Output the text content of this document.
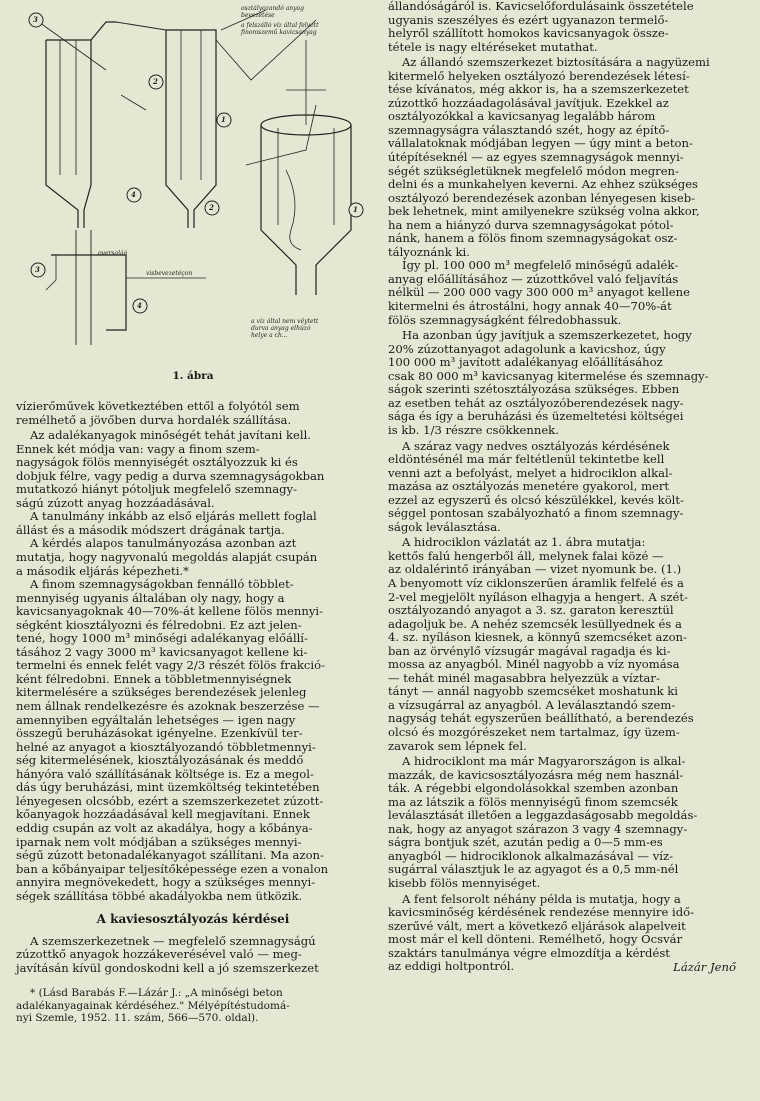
3
2
4
1
2
3
4
1
osztályozandó anyag
bevezetése
a felszálló víz által felvett
finomszemű kavicsanyag
oversaláó
visbevezetéçon
a víz által nem vêytett
durva anyag elhúzó
helye a ch...
1. ábra

vízierőművek következtében ettől a folyótól sem
remélhető a jövőben durva hordalék szállítása.

Az adalékanyagok minőségét tehát javítani kell.
Ennek két módja van: vagy a finom szem-
nagyságok fölös mennyiségét osztályozzuk ki és
dobjuk félre, vagy pedig a durva szemnagyságokban
mutatkozó hiányt pótoljuk megfelelő szemnagy-
ságú zúzott anyag hozzáadásával.

A tanulmány inkább az első eljárás mellett foglal
állást és a második módszert drágának tartja.

A kérdés alapos tanulmányozása azonban azt
mutatja, hogy nagyvonalú megoldás alapját csupán
a második eljárás képezheti.*

A finom szemnagyságokban fennálló többlet-
mennyiség ugyanis általában oly nagy, hogy a
kavicsanyagoknak 40—70%-át kellene fölös mennyi-
ségként kiosztályozni és félredobni. Ez azt jelen-
tené, hogy 1000 m³ minőségi adalékanyag előállí-
tásához 2 vagy 3000 m³ kavicsanyagot kellene ki-
termelni és ennek felét vagy 2/3 részét fölös frakció-
ként félredobni. Ennek a többletmennyiségnek
kitermelésére a szükséges berendezések jelenleg
nem állnak rendelkezésre és azoknak beszerzése —
amennyiben egyáltalán lehetséges — igen nagy
összegű beruházásokat igényelne. Ezenkívül ter-
helné az anyagot a kiosztályozandó többletmennyi-
ség kitermelésének, kiosztályozásának és meddő
hányóra való szállításának költsége is. Ez a megol-
dás úgy beruházási, mint üzemköltség tekintetében
lényegesen olcsóbb, ezért a szemszerkezetet zúzott-
kőanyagok hozzáadásával kell megjavítani. Ennek
eddig csupán az volt az akadálya, hogy a kőbánya-
iparnak nem volt módjában a szükséges mennyi-
ségű zúzott betonadalékanyagot szállítani. Ma azon-
ban a kőbányaipar teljesítőképessége ezen a vonalon
annyira megnövekedett, hogy a szükséges mennyi-
ségek szállítása többé akadályokba nem ütközik.

A kaviesosztályozás kérdései

A szemszerkezetnek — megfelelő szemnagyságú
zúzottkő anyagok hozzákeverésével való — meg-
javításán kívül gondoskodni kell a jó szemszerkezet

* (Lásd Barabás F.—Lázár J.: „A minőségi beton
adalékanyagainak kérdéséhez." Mélyépítéstudomá-
nyi Szemle, 1952. 11. szám, 566—570. oldal).

állandóságáról is. Kavicselőfordulásaink összetétele
ugyanis szeszélyes és ezért ugyanazon termelő-
helyről szállított homokos kavicsanyagok össze-
tétele is nagy eltéréseket mutathat.

Az állandó szemszerkezet biztosítására a nagyüzemi
kitermelő helyeken osztályozó berendezések létesí-
tése kívánatos, még akkor is, ha a szemszerkezetet
zúzottkő hozzáadagolásával javítjuk. Ezekkel az
osztályozókkal a kavicsanyag legalább három
szemnagyságra választandó szét, hogy az építő-
vállalatoknak módjában legyen — úgy mint a beton-
útépítéseknél — az egyes szemnagyságok mennyi-
ségét szükségletüknek megfelelő módon megren-
delni és a munkahelyen keverni. Az ehhez szükséges
osztályozó berendezések azonban lényegesen kiseb-
bek lehetnek, mint amilyenekre szükség volna akkor,
ha nem a hiányzó durva szemnagyságokat pótol-
nánk, hanem a fölös finom szemnagyságokat osz-
tályoznánk ki.

Így pl. 100 000 m³ megfelelő minőségű adalék-
anyag előállításához — zúzottkővel való feljavítás
nélkül — 200 000 vagy 300 000 m³ anyagot kellene
kitermelni és átrostálni, hogy annak 40—70%-át
fölös szemnagyságként félredobhassuk.

Ha azonban úgy javítjuk a szemszerkezetet, hogy
20% zúzottanyagot adagolunk a kavicshoz, úgy
100 000 m³ javított adalékanyag előállításához
csak 80 000 m³ kavicsanyag kitermelése és szemnagy-
ságok szerinti szétosztályozása szükséges. Ebben
az esetben tehát az osztályozóberendezések nagy-
sága és így a beruházási és üzemeltetési költségei
is kb. 1/3 részre csökkennek.

A száraz vagy nedves osztályozás kérdésének
eldöntésénél ma már feltétlenül tekintetbe kell
venni azt a befolyást, melyet a hidrociklon alkal-
mazása az osztályozás menetére gyakorol, mert
ezzel az egyszerű és olcsó készülékkel, kevés költ-
séggel pontosan szabályozható a finom szemnagy-
ságok leválasztása.

A hidrociklon vázlatát az 1. ábra mutatja:
kettős falú hengerből áll, melynek falai közé —
az oldalérintő irányában — vizet nyomunk be. (1.)
A benyomott víz ciklonszerűen áramlik felfelé és a
2-vel megjelölt nyíláson elhagyja a hengert. A szét-
osztályozandó anyagot a 3. sz. garaton keresztül
adagoljuk be. A nehéz szemcsék lesüllyednek és a
4. sz. nyíláson kiesnek, a könnyű szemcséket azon-
ban az örvénylő vízsugár magával ragadja és ki-
mossa az anyagból. Minél nagyobb a víz nyomása
— tehát minél magasabbra helyezzük a víztar-
tányt — annál nagyobb szemcséket moshatunk ki
a vízsugárral az anyagból. A leválasztandó szem-
nagyság tehát egyszerűen beállítható, a berendezés
olcsó és mozgórészeket nem tartalmaz, így üzem-
zavarok sem lépnek fel.

A hidrociklont ma már Magyarországon is alkal-
mazzák, de kavicsosztályozásra még nem használ-
ták. A régebbi elgondolásokkal szemben azonban
ma az látszik a fölös mennyiségű finom szemcsék
leválasztását illetően a leggazdaságosabb megoldás-
nak, hogy az anyagot szárazon 3 vagy 4 szemnagy-
ságra bontjuk szét, azután pedig a 0—5 mm-es
anyagból — hidrociklonok alkalmazásával — víz-
sugárral választjuk le az agyagot és a 0,5 mm-nél
kisebb fölös mennyiséget.

A fent felsorolt néhány példa is mutatja, hogy a
kavicsminőség kérdésének rendezése mennyire idő-
szerűvé vált, mert a következő eljárások alapelveit
most már el kell dönteni. Remélhető, hogy Ócsvár
szaktárs tanulmánya végre elmozdítja a kérdést
az eddigi holtpontról.	Lázár Jenő
